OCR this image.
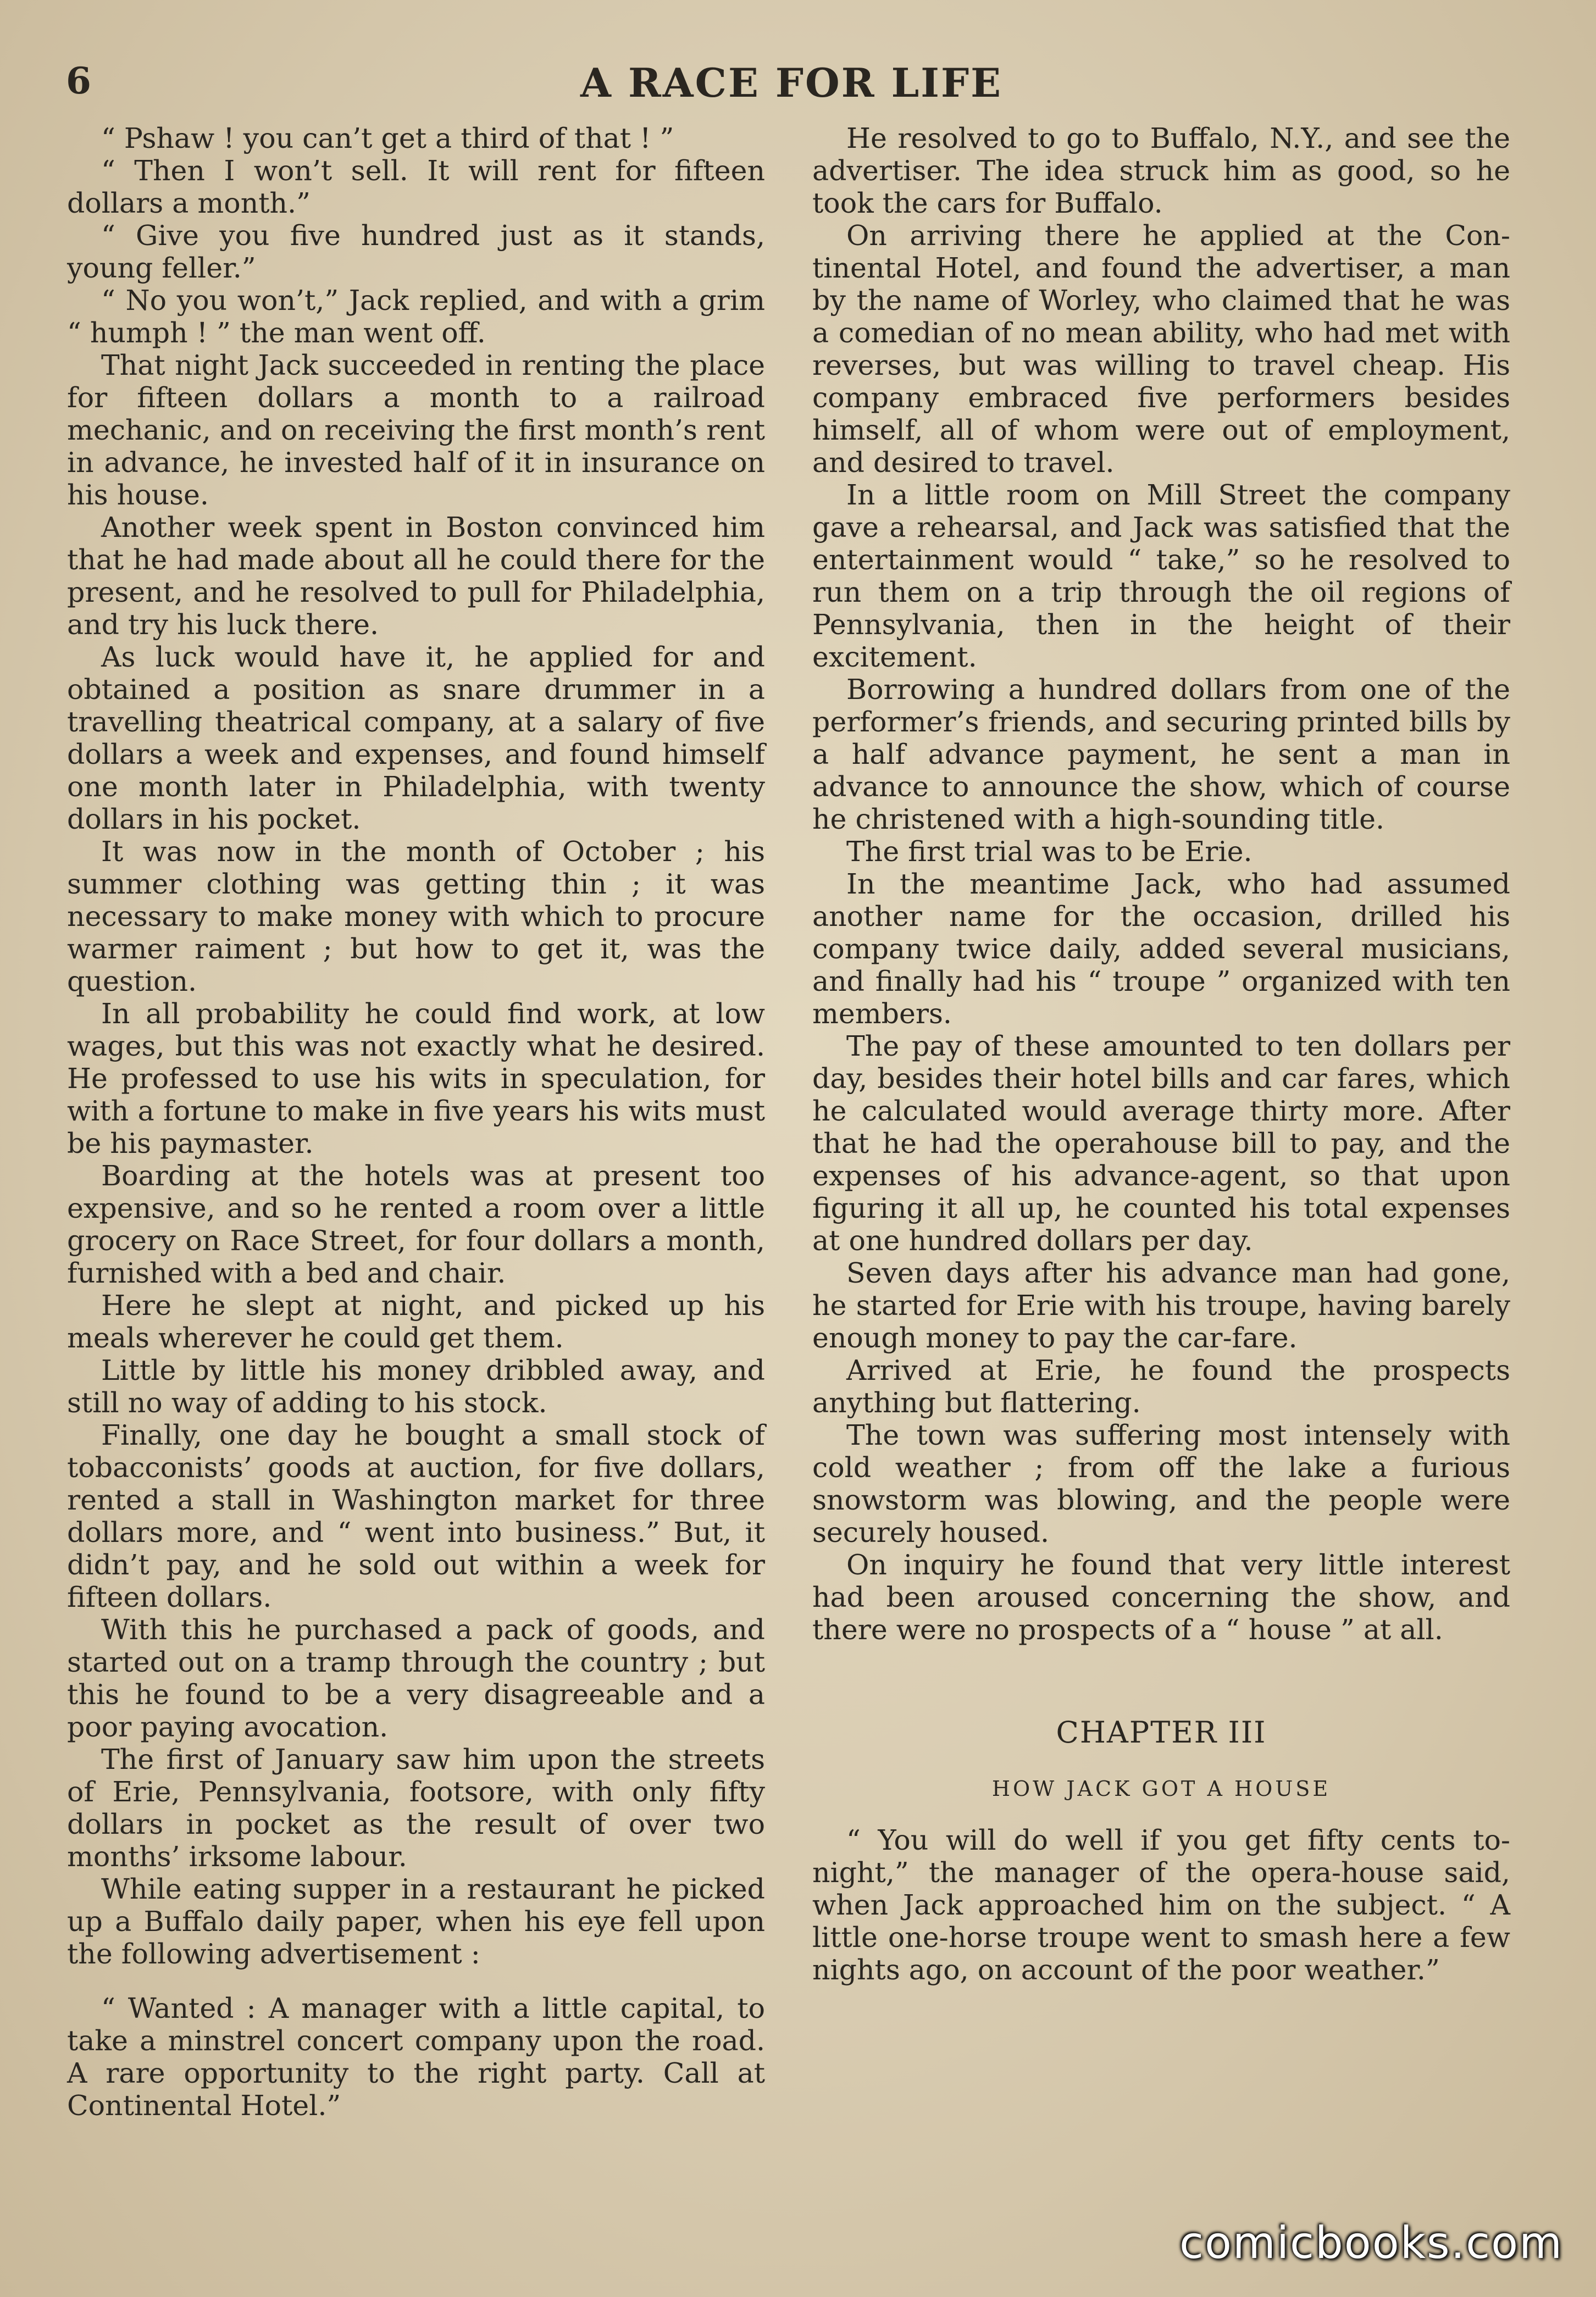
6	A RACE FOR LIFE

“ Pshaw ! you can’t get a third of that ! ”

“ Then I won’t sell. It will rent for fifteen dollars a month.”

“ Give you five hundred just as it stands, young feller.”

“ No you won’t,” Jack replied, and with a grim “ humph ! ” the man went off.

That night Jack succeeded in renting the place for fifteen dollars a month to a railroad mechanic, and on receiving the first month’s rent in advance, he invested half of it in insurance on his house.

Another week spent in Boston convinced him that he had made about all he could there for the present, and he resolved to pull for Philadelphia, and try his luck there.

As luck would have it, he applied for and obtained a position as snare drummer in a travelling theatrical company, at a salary of five dollars a week and expenses, and found himself one month later in Philadelphia, with twenty dollars in his pocket.

It was now in the month of October ; his summer clothing was getting thin ; it was necessary to make money with which to procure warmer raiment ; but how to get it, was the question.

In all probability he could find work, at low wages, but this was not exactly what he desired. He professed to use his wits in speculation, for with a fortune to make in five years his wits must be his paymaster.

Boarding at the hotels was at present too expensive, and so he rented a room over a little grocery on Race Street, for four dollars a month, furnished with a bed and chair.

Here he slept at night, and picked up his meals wherever he could get them.

Little by little his money dribbled away, and still no way of adding to his stock.

Finally, one day he bought a small stock of tobacconists’ goods at auction, for five dollars, rented a stall in Washington market for three dollars more, and “ went into business.” But, it didn’t pay, and he sold out within a week for fifteen dollars.

With this he purchased a pack of goods, and started out on a tramp through the country ; but this he found to be a very disagreeable and a poor paying avocation.

The first of January saw him upon the streets of Erie, Pennsylvania, footsore, with only fifty dollars in pocket as the result of over two months’ irksome labour.

While eating supper in a restaurant he picked up a Buffalo daily paper, when his eye fell upon the following advertisement :

“ Wanted : A manager with a little capital, to take a minstrel concert company upon the road. A rare opportunity to the right party. Call at Continental Hotel.”

He resolved to go to Buffalo, N.Y., and see the advertiser. The idea struck him as good, so he took the cars for Buffalo.

On arriving there he applied at the Continental Hotel, and found the advertiser, a man by the name of Worley, who claimed that he was a comedian of no mean ability, who had met with reverses, but was willing to travel cheap. His company embraced five performers besides himself, all of whom were out of employment, and desired to travel.

In a little room on Mill Street the company gave a rehearsal, and Jack was satisfied that the entertainment would “ take,” so he resolved to run them on a trip through the oil regions of Pennsylvania, then in the height of their excitement.

Borrowing a hundred dollars from one of the performer’s friends, and securing printed bills by a half advance payment, he sent a man in advance to announce the show, which of course he christened with a high-sounding title.

The first trial was to be Erie.

In the meantime Jack, who had assumed another name for the occasion, drilled his company twice daily, added several musicians, and finally had his “ troupe ” organized with ten members.

The pay of these amounted to ten dollars per day, besides their hotel bills and car fares, which he calculated would average thirty more. After that he had the operahouse bill to pay, and the expenses of his advance-agent, so that upon figuring it all up, he counted his total expenses at one hundred dollars per day.

Seven days after his advance man had gone, he started for Erie with his troupe, having barely enough money to pay the car-fare.

Arrived at Erie, he found the prospects anything but flattering.

The town was suffering most intensely with cold weather ; from off the lake a furious snowstorm was blowing, and the people were securely housed.

On inquiry he found that very little interest had been aroused concerning the show, and there were no prospects of a “ house ” at all.

CHAPTER III
HOW JACK GOT A HOUSE

“ You will do well if you get fifty cents to-night,” the manager of the opera-house said, when Jack approached him on the subject. “ A little one-horse troupe went to smash here a few nights ago, on account of the poor weather.”

comicbooks.com
